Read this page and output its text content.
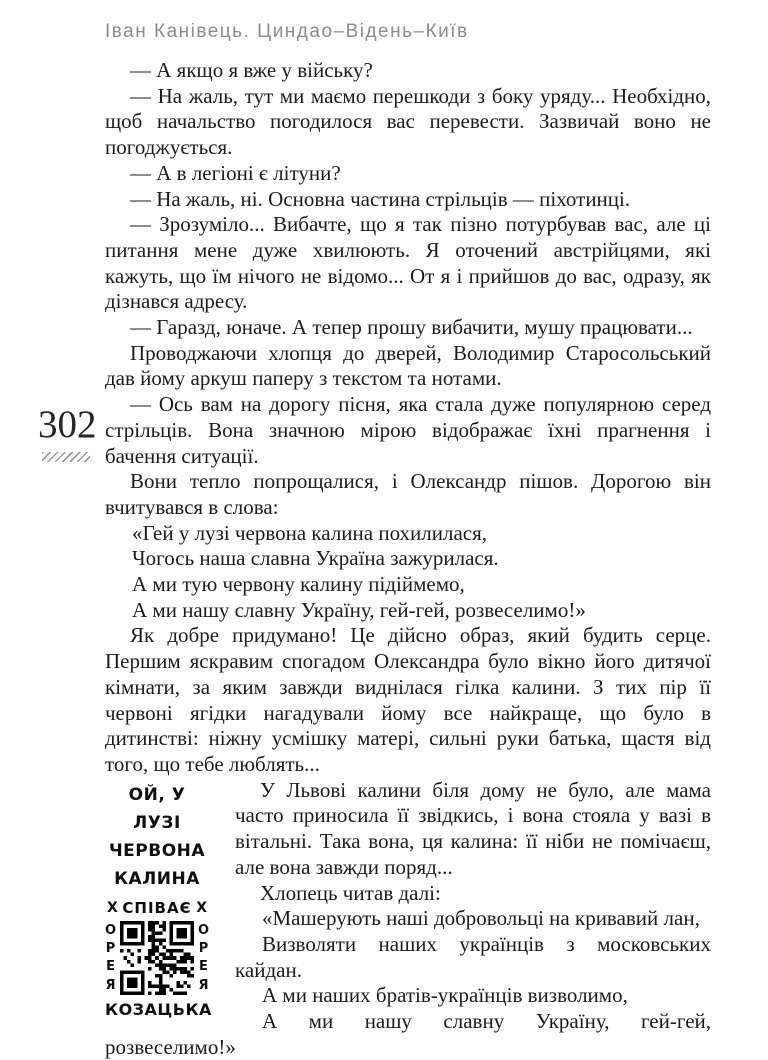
Іван Канівець. Циндао–Відень–Київ
302

— А якщо я вже у війську?

— На жаль, тут ми маємо перешкоди з боку уряду... Необхідно, щоб начальство погодилося вас перевести. Зазвичай воно не погоджується.

— А в легіоні є літуни?

— На жаль, ні. Основна частина стрільців — піхотинці.

— Зрозуміло... Вибачте, що я так пізно потурбував вас, але ці питання мене дуже хвилюють. Я оточений австрійцями, які кажуть, що їм нічого не відомо... От я і прийшов до вас, одразу, як дізнався адресу.

— Гаразд, юначе. А тепер прошу вибачити, мушу працювати...

Проводжаючи хлопця до дверей, Володимир Старосольський дав йому аркуш паперу з текстом та нотами.

— Ось вам на дорогу пісня, яка стала дуже популярною серед стрільців. Вона значною мірою відображає їхні прагнення і бачення ситуації.

Вони тепло попрощалися, і Олександр пішов. Дорогою він вчитувався в слова:

«Гей у лузі червона калина похилилася,
Чогось наша славна Україна зажурилася.
А ми тую червону калину підіймемо,
А ми нашу славну Україну, гей-гей, розвеселимо!»

Як добре придумано! Це дійсно образ, який будить серце. Першим яскравим спогадом Олександра було вікно його дитячої кімнати, за яким завжди виднілася гілка калини. З тих пір її червоні ягідки нагадували йому все найкраще, що було в дитинстві: ніжну усмішку матері, сильні руки батька, щастя від того, що тебе люблять...

ОЙ, У ЛУЗІ
ЧЕРВОНА
КАЛИНА
Х СПІВАЄ Х
О
Р
Е
Я
О
Р
Е
Я
КОЗАЦЬКА

У Львові калини біля дому не було, але мама часто приносила її звідкись, і вона стояла у вазі в вітальні. Така вона, ця калина: її ніби не помічаєш, але вона завжди поряд...

Хлопець читав далі:

«Машерують наші добровольці на кривавий лан,
Визволяти наших українців з московських кайдан.
А ми наших братів-українців визволимо,
А ми нашу славну Україну, гей-гей, розвеселимо!»
